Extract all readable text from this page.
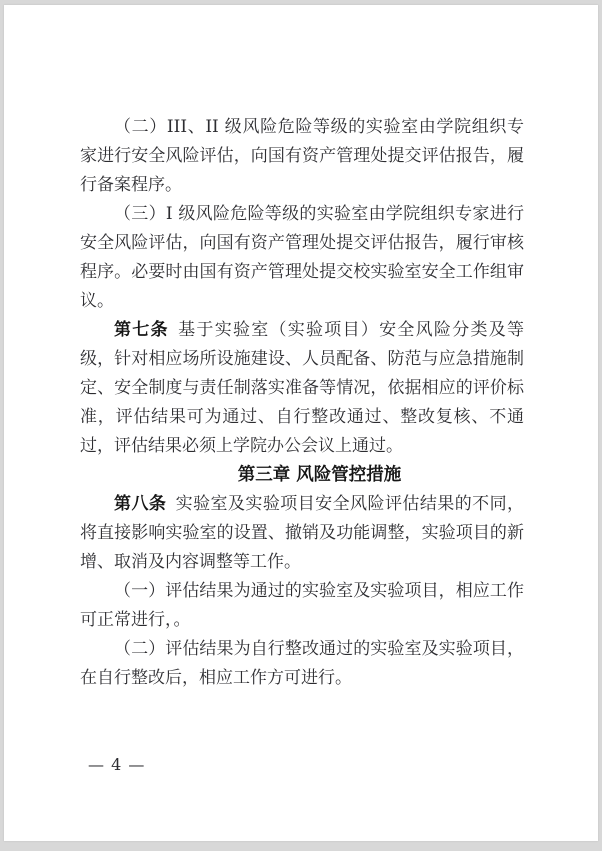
（二）III、II 级风险危险等级的实验室由学院组织专家进行安全风险评估，向国有资产管理处提交评估报告，履行备案程序。

（三）I 级风险危险等级的实验室由学院组织专家进行安全风险评估，向国有资产管理处提交评估报告，履行审核程序。必要时由国有资产管理处提交校实验室安全工作组审议。

第七条 基于实验室（实验项目）安全风险分类及等级，针对相应场所设施建设、人员配备、防范与应急措施制定、安全制度与责任制落实准备等情况，依据相应的评价标准，评估结果可为通过、自行整改通过、整改复核、不通过，评估结果必须上学院办公会议上通过。

第三章 风险管控措施

第八条 实验室及实验项目安全风险评估结果的不同，将直接影响实验室的设置、撤销及功能调整，实验项目的新增、取消及内容调整等工作。

（一）评估结果为通过的实验室及实验项目，相应工作可正常进行，。

（二）评估结果为自行整改通过的实验室及实验项目，在自行整改后，相应工作方可进行。

— 4 —
